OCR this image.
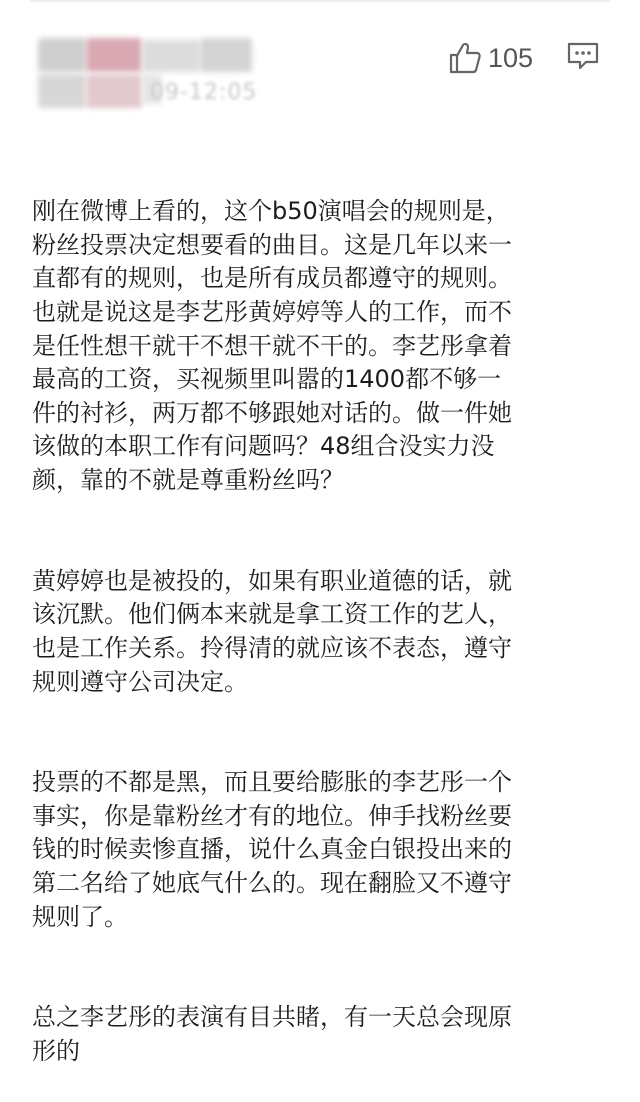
09-12:05
105

刚在微博上看的，这个b50演唱会的规则是，
粉丝投票决定想要看的曲目。这是几年以来一
直都有的规则，也是所有成员都遵守的规则。
也就是说这是李艺彤黄婷婷等人的工作，而不
是任性想干就干不想干就不干的。李艺彤拿着
最高的工资，买视频里叫嚣的1400都不够一
件的衬衫，两万都不够跟她对话的。做一件她
该做的本职工作有问题吗？48组合没实力没
颜，靠的不就是尊重粉丝吗？

黄婷婷也是被投的，如果有职业道德的话，就
该沉默。他们俩本来就是拿工资工作的艺人，
也是工作关系。拎得清的就应该不表态，遵守
规则遵守公司决定。

投票的不都是黑，而且要给膨胀的李艺彤一个
事实，你是靠粉丝才有的地位。伸手找粉丝要
钱的时候卖惨直播，说什么真金白银投出来的
第二名给了她底气什么的。现在翻脸又不遵守
规则了。

总之李艺彤的表演有目共睹，有一天总会现原
形的
